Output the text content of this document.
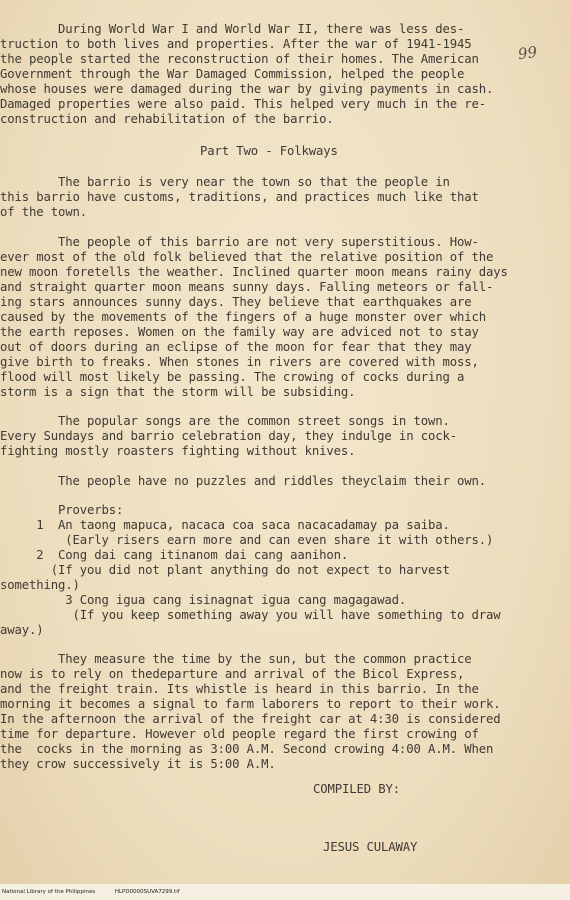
99
During World War I and World War II, there was less des-
truction to both lives and properties. After the war of 1941-1945
the people started the reconstruction of their homes. The American
Government through the War Damaged Commission, helped the people
whose houses were damaged during the war by giving payments in cash.
Damaged properties were also paid. This helped very much in the re-
construction and rehabilitation of the barrio.
Part Two - Folkways
The barrio is very near the town so that the people in
this barrio have customs, traditions, and practices much like that
of the town.
The people of this barrio are not very superstitious. How-
ever most of the old folk believed that the relative position of the
new moon foretells the weather. Inclined quarter moon means rainy days
and straight quarter moon means sunny days. Falling meteors or fall-
ing stars announces sunny days. They believe that earthquakes are
caused by the movements of the fingers of a huge monster over which
the earth reposes. Women on the family way are adviced not to stay
out of doors during an eclipse of the moon for fear that they may
give birth to freaks. When stones in rivers are covered with moss,
flood will most likely be passing. The crowing of cocks during a
storm is a sign that the storm will be subsiding.
The popular songs are the common street songs in town.
Every Sundays and barrio celebration day, they indulge in cock-
fighting mostly roasters fighting without knives.
The people have no puzzles and riddles theyclaim their own.
Proverbs:
1  An taong mapuca, nacaca coa saca nacacadamay pa saiba.
(Early risers earn more and can even share it with others.)
2  Cong dai cang itinanom dai cang aanihon.
(If you did not plant anything do not expect to harvest
something.)
3 Cong igua cang isinagnat igua cang magagawad.
(If you keep something away you will have something to draw
away.)
They measure the time by the sun, but the common practice
now is to rely on thedeparture and arrival of the Bicol Express,
and the freight train. Its whistle is heard in this barrio. In the
morning it becomes a signal to farm laborers to report to their work.
In the afternoon the arrival of the freight car at 4:30 is considered
time for departure. However old people regard the first crowing of
the  cocks in the morning as 3:00 A.M. Second crowing 4:00 A.M. When
they crow successively it is 5:00 A.M.
COMPILED BY:
JESUS CULAWAY
National Library of the Philippines	HLPD0000SUVA7299.tif
